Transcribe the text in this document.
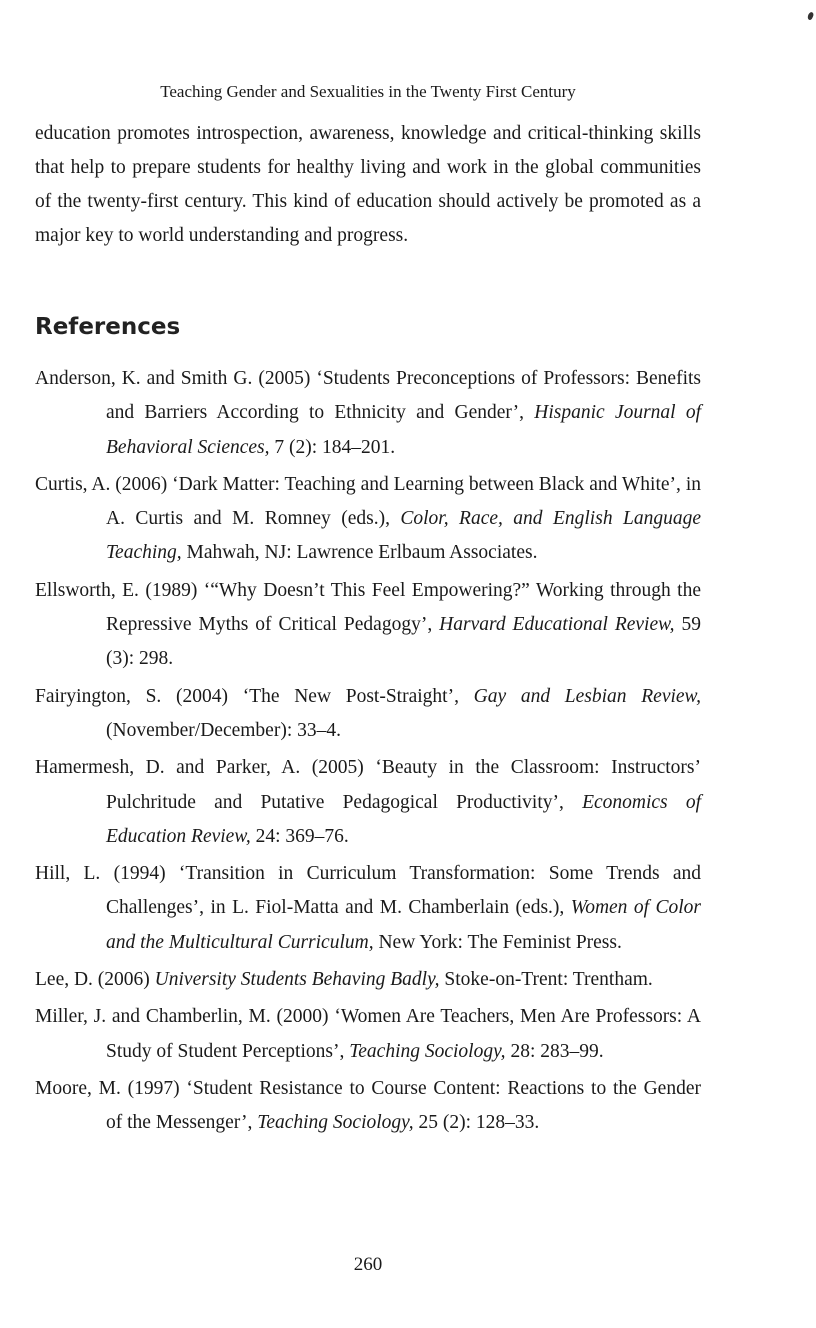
Teaching Gender and Sexualities in the Twenty First Century

education promotes introspection, awareness, knowledge and critical-thinking skills that help to prepare students for healthy living and work in the global communities of the twenty-first century. This kind of education should actively be promoted as a major key to world understanding and progress.

References

Anderson, K. and Smith G. (2005) ‘Students Preconceptions of Professors: Benefits and Barriers According to Ethnicity and Gender’, Hispanic Journal of Behavioral Sciences, 7 (2): 184–201.

Curtis, A. (2006) ‘Dark Matter: Teaching and Learning between Black and White’, in A. Curtis and M. Romney (eds.), Color, Race, and English Language Teaching, Mahwah, NJ: Lawrence Erlbaum Associates.

Ellsworth, E. (1989) ‘“Why Doesn’t This Feel Empowering?” Working through the Repressive Myths of Critical Pedagogy’, Harvard Educational Review, 59 (3): 298.

Fairyington, S. (2004) ‘The New Post-Straight’, Gay and Lesbian Review, (November/December): 33–4.

Hamermesh, D. and Parker, A. (2005) ‘Beauty in the Classroom: Instructors’ Pulchritude and Putative Pedagogical Productivity’, Economics of Education Review, 24: 369–76.

Hill, L. (1994) ‘Transition in Curriculum Transformation: Some Trends and Challenges’, in L. Fiol-Matta and M. Chamberlain (eds.), Women of Color and the Multicultural Curriculum, New York: The Feminist Press.

Lee, D. (2006) University Students Behaving Badly, Stoke-on-Trent: Trentham.

Miller, J. and Chamberlin, M. (2000) ‘Women Are Teachers, Men Are Professors: A Study of Student Perceptions’, Teaching Sociology, 28: 283–99.

Moore, M. (1997) ‘Student Resistance to Course Content: Reactions to the Gender of the Messenger’, Teaching Sociology, 25 (2): 128–33.

260
